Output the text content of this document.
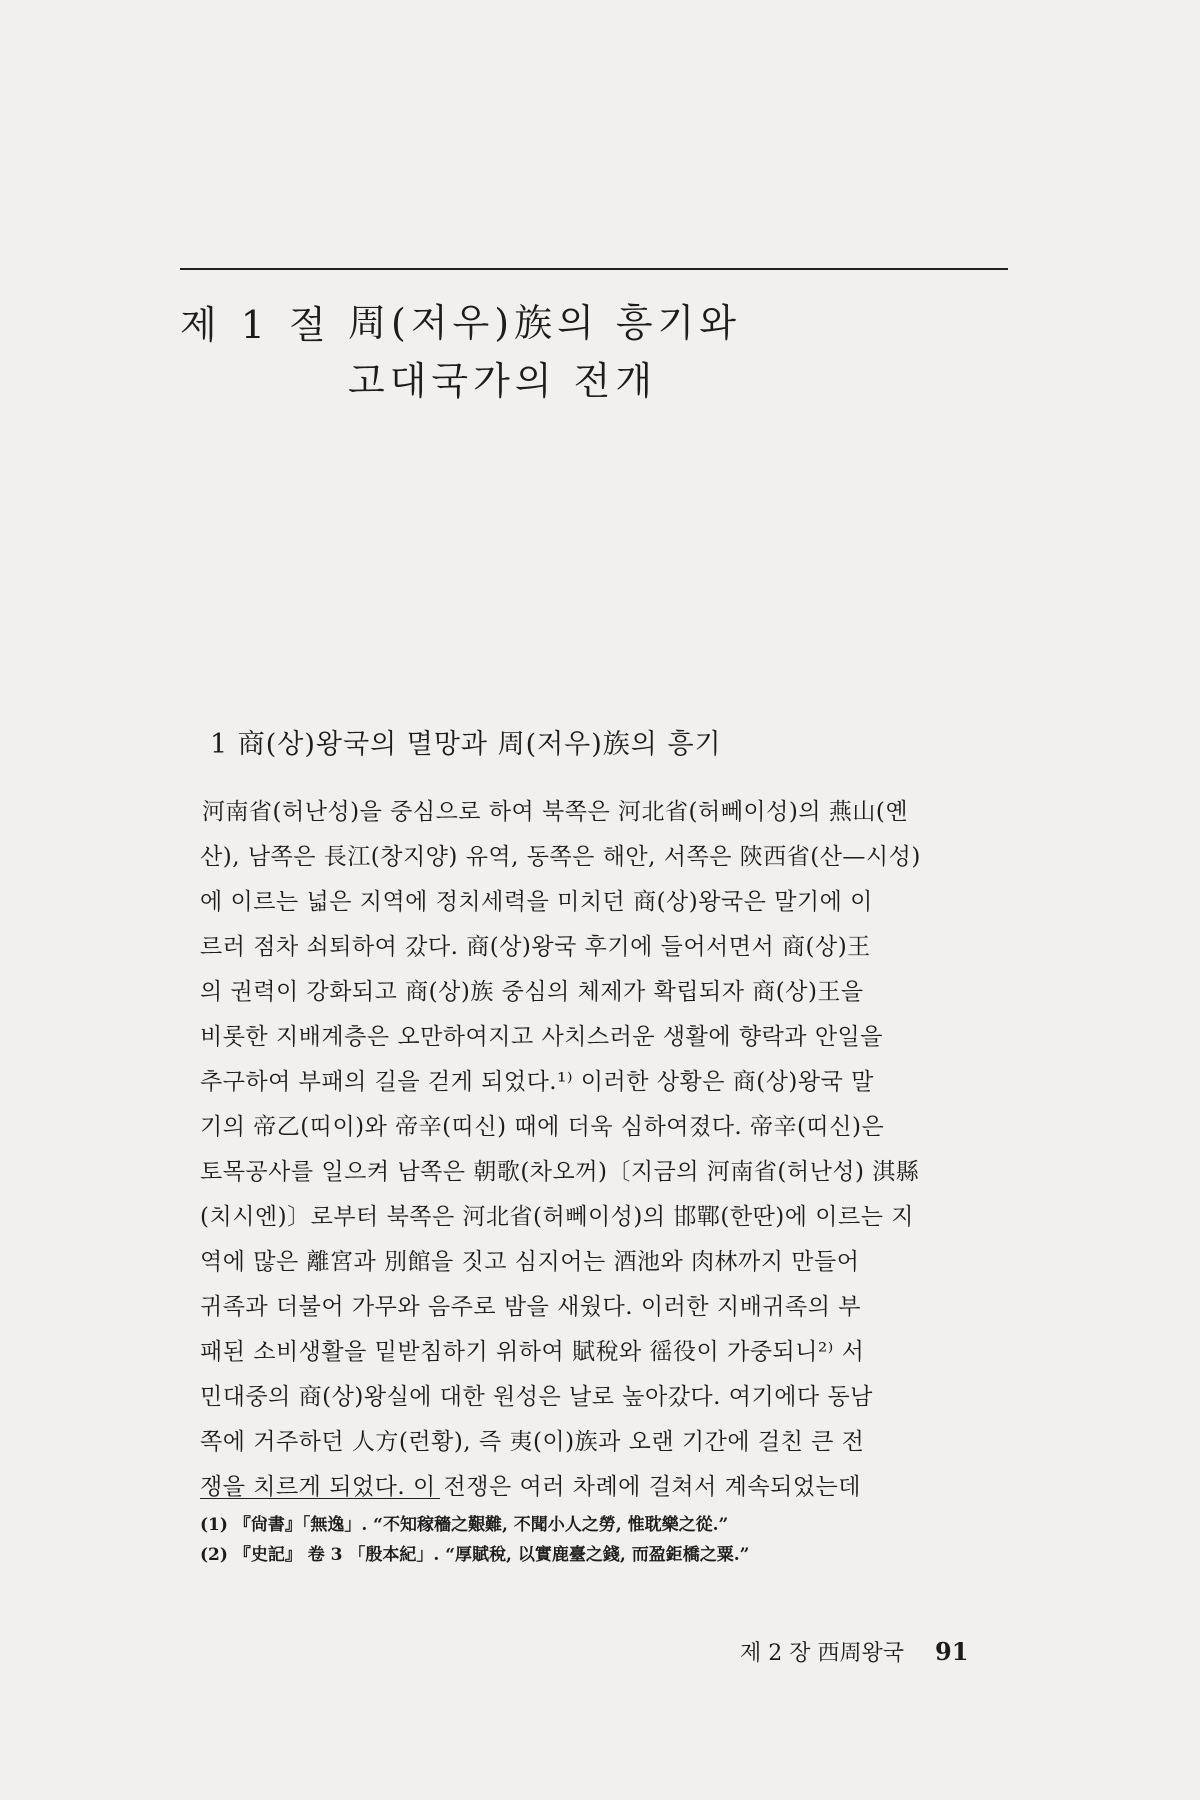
제 1 절 周(저우)族의 흥기와
고대국가의 전개
1 商(상)왕국의 멸망과 周(저우)族의 흥기
河南省(허난성)을 중심으로 하여 북쪽은 河北省(허뻬이성)의 燕山(옌
산), 남쪽은 長江(창지양) 유역, 동쪽은 해안, 서쪽은 陝西省(산—시성)
에 이르는 넓은 지역에 정치세력을 미치던 商(상)왕국은 말기에 이
르러 점차 쇠퇴하여 갔다. 商(상)왕국 후기에 들어서면서 商(상)王
의 권력이 강화되고 商(상)族 중심의 체제가 확립되자 商(상)王을
비롯한 지배계층은 오만하여지고 사치스러운 생활에 향락과 안일을
추구하여 부패의 길을 걷게 되었다.¹⁾ 이러한 상황은 商(상)왕국 말
기의 帝乙(띠이)와 帝辛(띠신) 때에 더욱 심하여졌다. 帝辛(띠신)은
토목공사를 일으켜 남쪽은 朝歌(차오꺼)〔지금의 河南省(허난성) 淇縣
(치시엔)〕로부터 북쪽은 河北省(허뻬이성)의 邯鄲(한딴)에 이르는 지
역에 많은 離宮과 別館을 짓고 심지어는 酒池와 肉林까지 만들어
귀족과 더불어 가무와 음주로 밤을 새웠다. 이러한 지배귀족의 부
패된 소비생활을 밑받침하기 위하여 賦稅와 徭役이 가중되니²⁾ 서
민대중의 商(상)왕실에 대한 원성은 날로 높아갔다. 여기에다 동남
쪽에 거주하던 人方(런황), 즉 夷(이)族과 오랜 기간에 걸친 큰 전
쟁을 치르게 되었다. 이 전쟁은 여러 차례에 걸쳐서 계속되었는데
(1) 『尙書』「無逸」. “不知稼穡之艱難, 不聞小人之勞, 惟耽樂之從.”
(2) 『史記』 卷 3 「殷本紀」. “厚賦稅, 以實鹿臺之錢, 而盈鉅橋之粟.”
제 2 장 西周왕국 91
